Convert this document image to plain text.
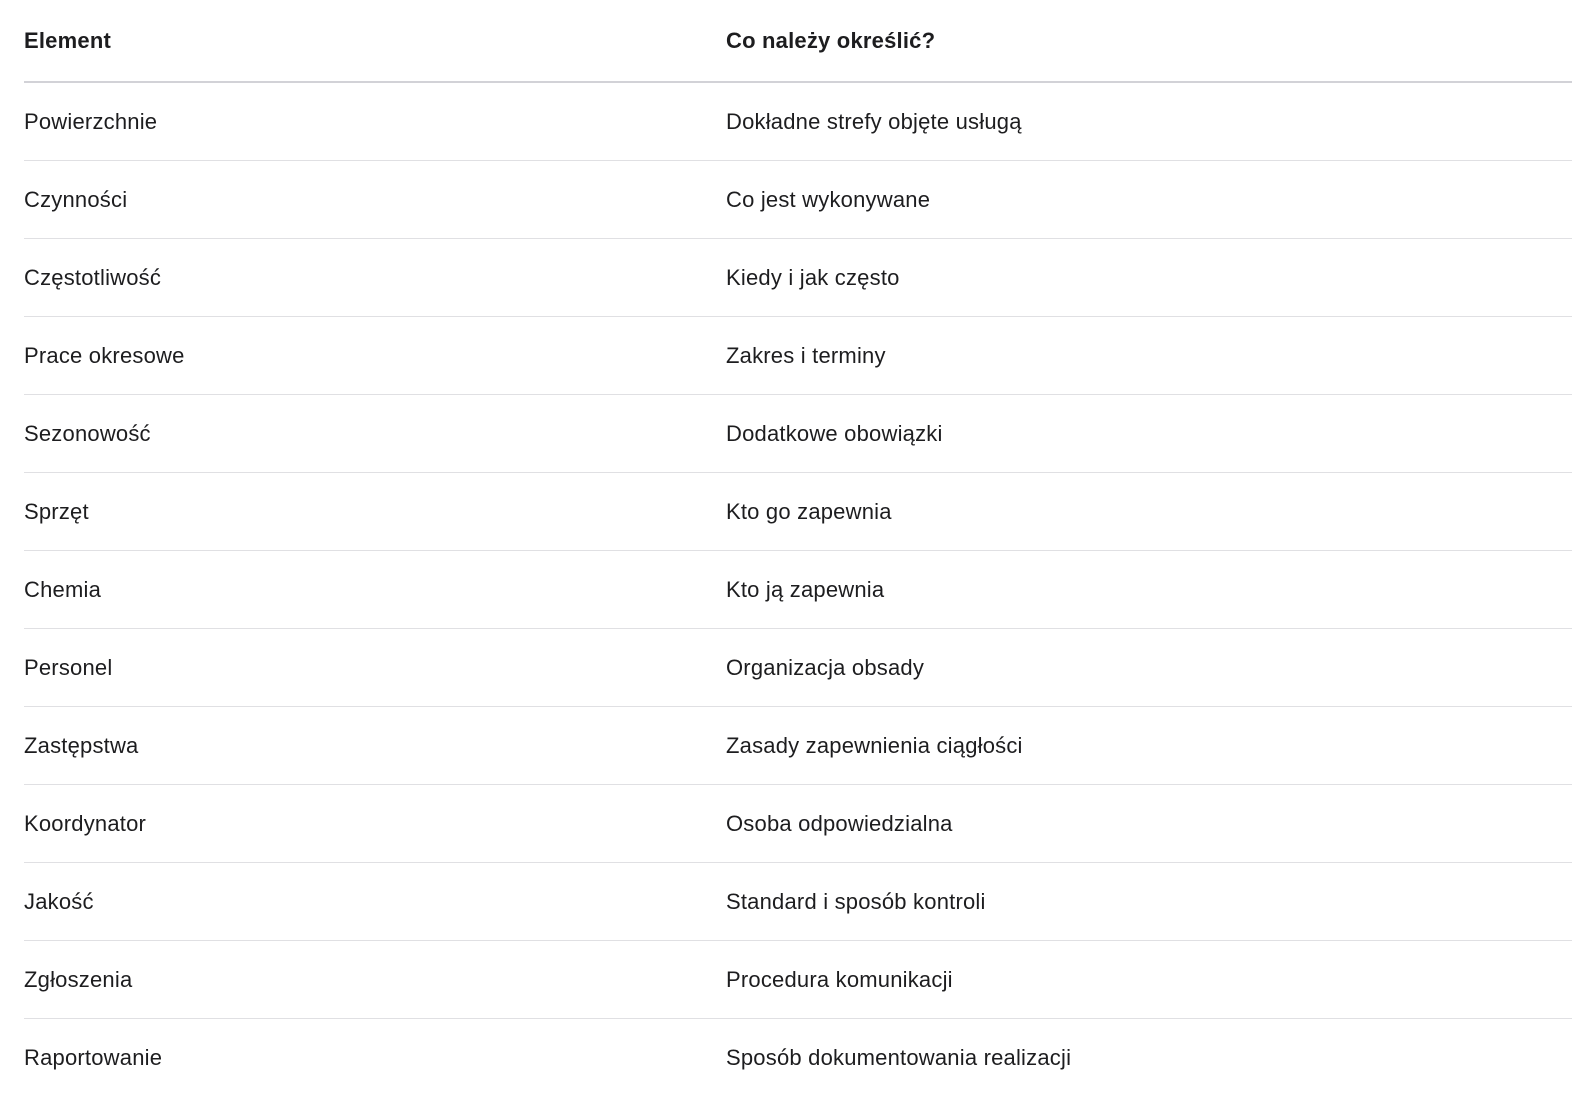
Element	Co należy określić?
Powierzchnie	Dokładne strefy objęte usługą
Czynności	Co jest wykonywane
Częstotliwość	Kiedy i jak często
Prace okresowe	Zakres i terminy
Sezonowość	Dodatkowe obowiązki
Sprzęt	Kto go zapewnia
Chemia	Kto ją zapewnia
Personel	Organizacja obsady
Zastępstwa	Zasady zapewnienia ciągłości
Koordynator	Osoba odpowiedzialna
Jakość	Standard i sposób kontroli
Zgłoszenia	Procedura komunikacji
Raportowanie	Sposób dokumentowania realizacji
